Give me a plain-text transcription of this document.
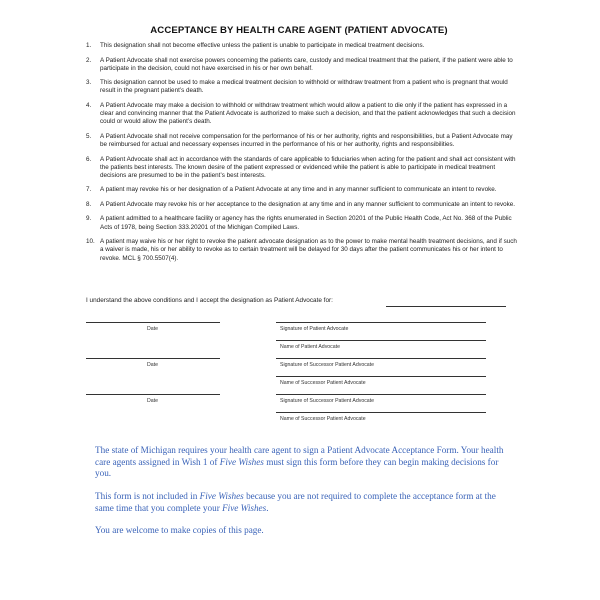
ACCEPTANCE BY HEALTH CARE AGENT (PATIENT ADVOCATE)
1.	This designation shall not become effective unless the patient is unable to participate in medical treatment decisions.
2.	A Patient Advocate shall not exercise powers concerning the patients care, custody and medical treatment that the patient, if the patient were able to participate in the decision, could not have exercised in his or her own behalf.
3.	This designation cannot be used to make a medical treatment decision to withhold or withdraw treatment from a patient who is pregnant that would result in the pregnant patient’s death.
4.	A Patient Advocate may make a decision to withhold or withdraw treatment which would allow a patient to die only if the patient has expressed in a clear and convincing manner that the Patient Advocate is authorized to make such a decision, and that the patient acknowledges that such a decision could or would allow the patient’s death.
5.	A Patient Advocate shall not receive compensation for the performance of his or her authority, rights and responsibilities, but a Patient Advocate may be reimbursed for actual and necessary expenses incurred in the performance of his or her authority, rights and responsibilities.
6.	A Patient Advocate shall act in accordance with the standards of care applicable to fiduciaries when acting for the patient and shall act consistent with the patients best interests. The known desire of the patient expressed or evidenced while the patient is able to participate in medical treatment decisions are presumed to be in the patient’s best interests.
7.	A patient may revoke his or her designation of a Patient Advocate at any time and in any manner sufficient to communicate an intent to revoke.
8.	A Patient Advocate may revoke his or her acceptance to the designation at any time and in any manner sufficient to communicate an intent to revoke.
9.	A patient admitted to a healthcare facility or agency has the rights enumerated in Section 20201 of the Public Health Code, Act No. 368 of the Public Acts of 1978, being Section 333.20201 of the Michigan Compiled Laws.
10. A patient may waive his or her right to revoke the patient advocate designation as to the power to make mental health treatment decisions, and if such a waiver is made, his or her ability to revoke as to certain treatment will be delayed for 30 days after the patient communicates his or her intent to revoke. MCL § 700.5507(4).
I understand the above conditions and I accept the designation as Patient Advocate for:
Date	Signature of Patient Advocate
Name of Patient Advocate
Date	Signature of Successor Patient Advocate
Name of Successor Patient Advocate
Date	Signature of Successor Patient Advocate
Name of Successor Patient Advocate
The state of Michigan requires your health care agent to sign a Patient Advocate Acceptance Form. Your health care agents assigned in Wish 1 of Five Wishes must sign this form before they can begin making decisions for you.
This form is not included in Five Wishes because you are not required to complete the acceptance form at the same time that you complete your Five Wishes.
You are welcome to make copies of this page.
